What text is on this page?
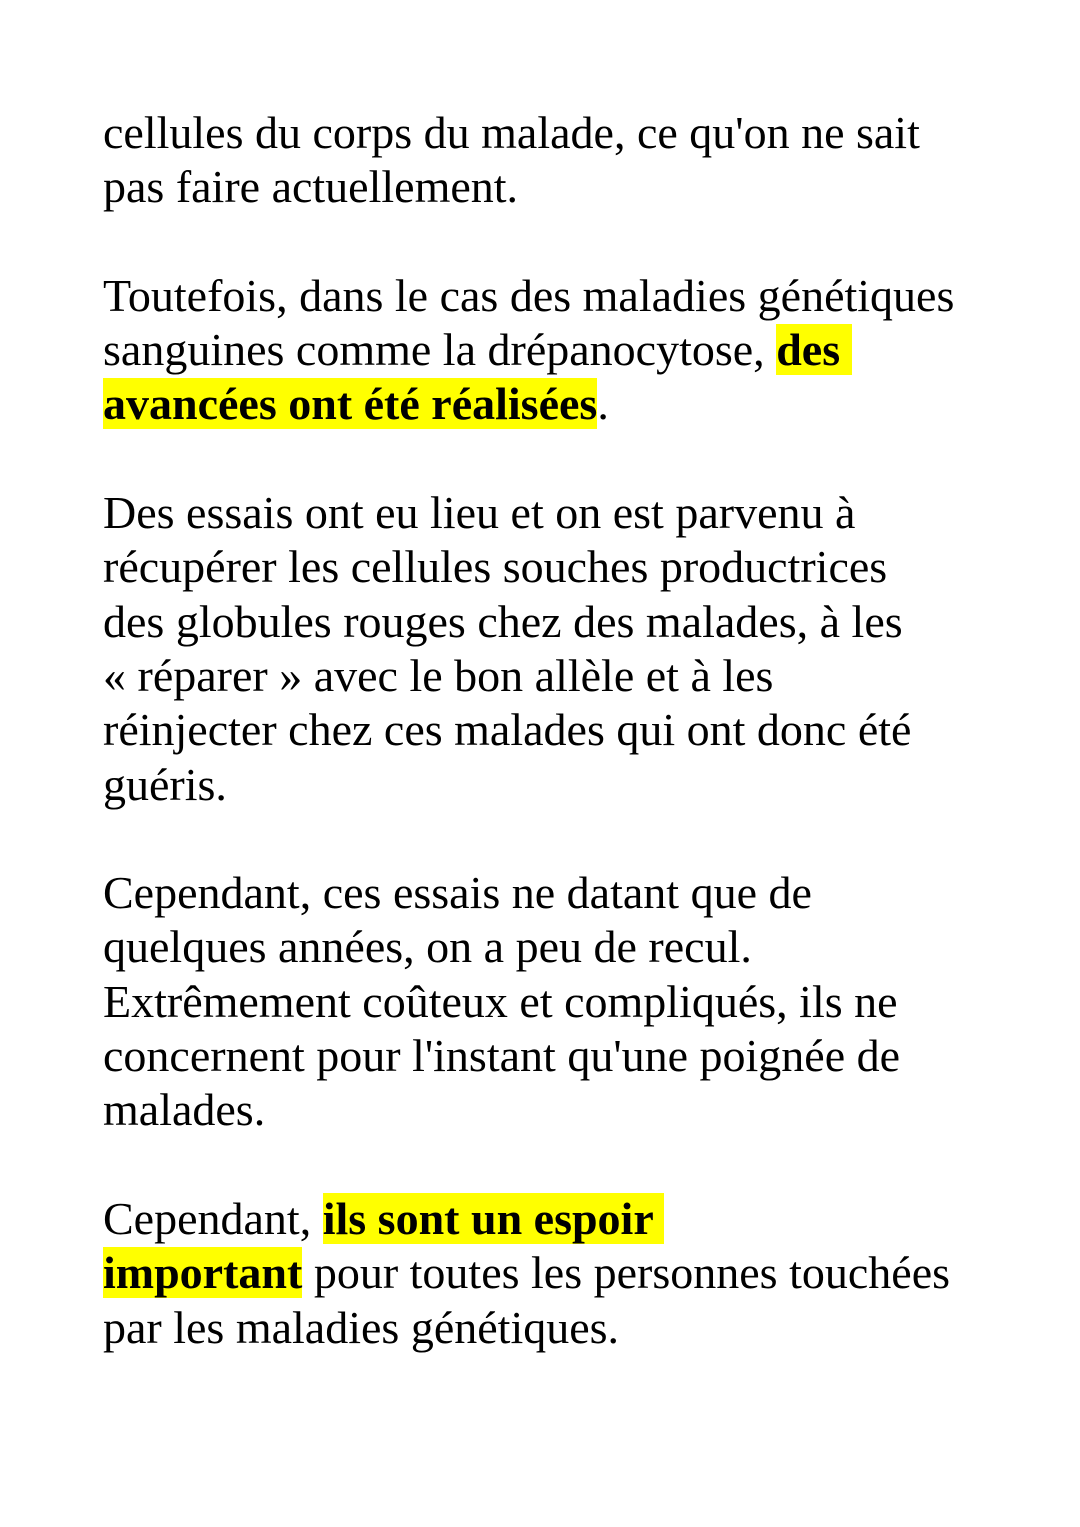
cellules du corps du malade, ce qu'on ne sait
pas faire actuellement.
Toutefois, dans le cas des maladies génétiques
sanguines comme la drépanocytose, des
avancées ont été réalisées.
Des essais ont eu lieu et on est parvenu à
récupérer les cellules souches productrices
des globules rouges chez des malades, à les
« réparer » avec le bon allèle et à les
réinjecter chez ces malades qui ont donc été
guéris.
Cependant, ces essais ne datant que de
quelques années, on a peu de recul.
Extrêmement coûteux et compliqués, ils ne
concernent pour l'instant qu'une poignée de
malades.
Cependant, ils sont un espoir
important pour toutes les personnes touchées
par les maladies génétiques.
